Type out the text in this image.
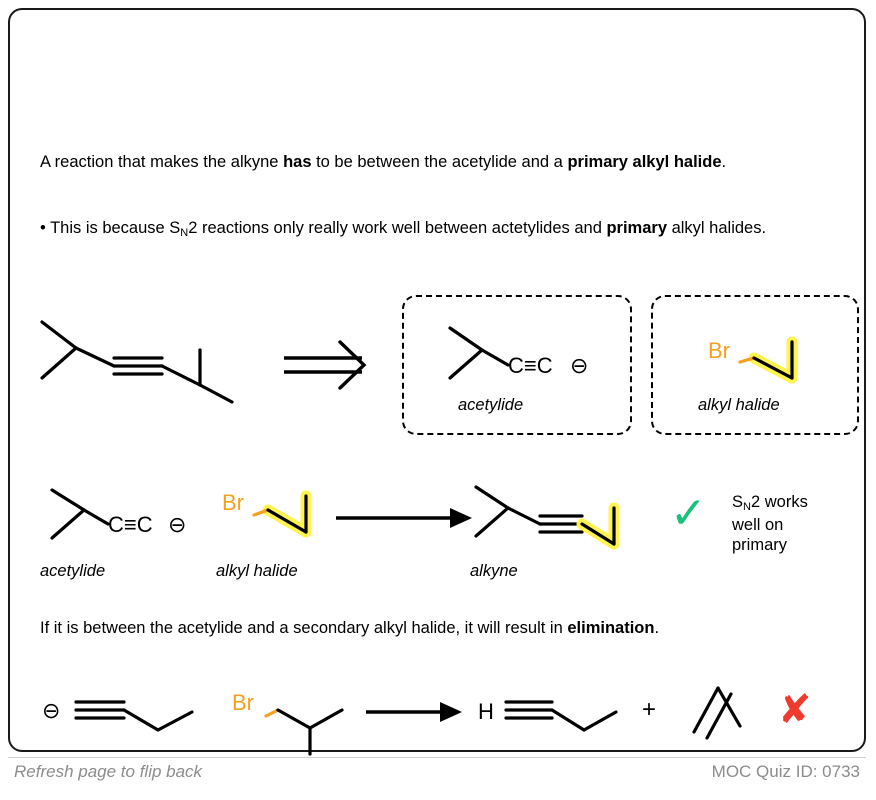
A reaction that makes the alkyne has to be between the acetylide and a primary alkyl halide.
• This is because $S_N2$ reactions only really work well between actetylides and primary alkyl halides.
C≡C ⊖
Br
C≡C ⊖
Br
⊖	Br	H
acetylide	alkyl halide
acetylide	alkyl halide	alkyne
✓ $S_N2$ works
well on
primary
If it is between the acetylide and a secondary alkyl halide, it will result in elimination.
+	✘
Refresh page to flip back	MOC Quiz ID: 0733
